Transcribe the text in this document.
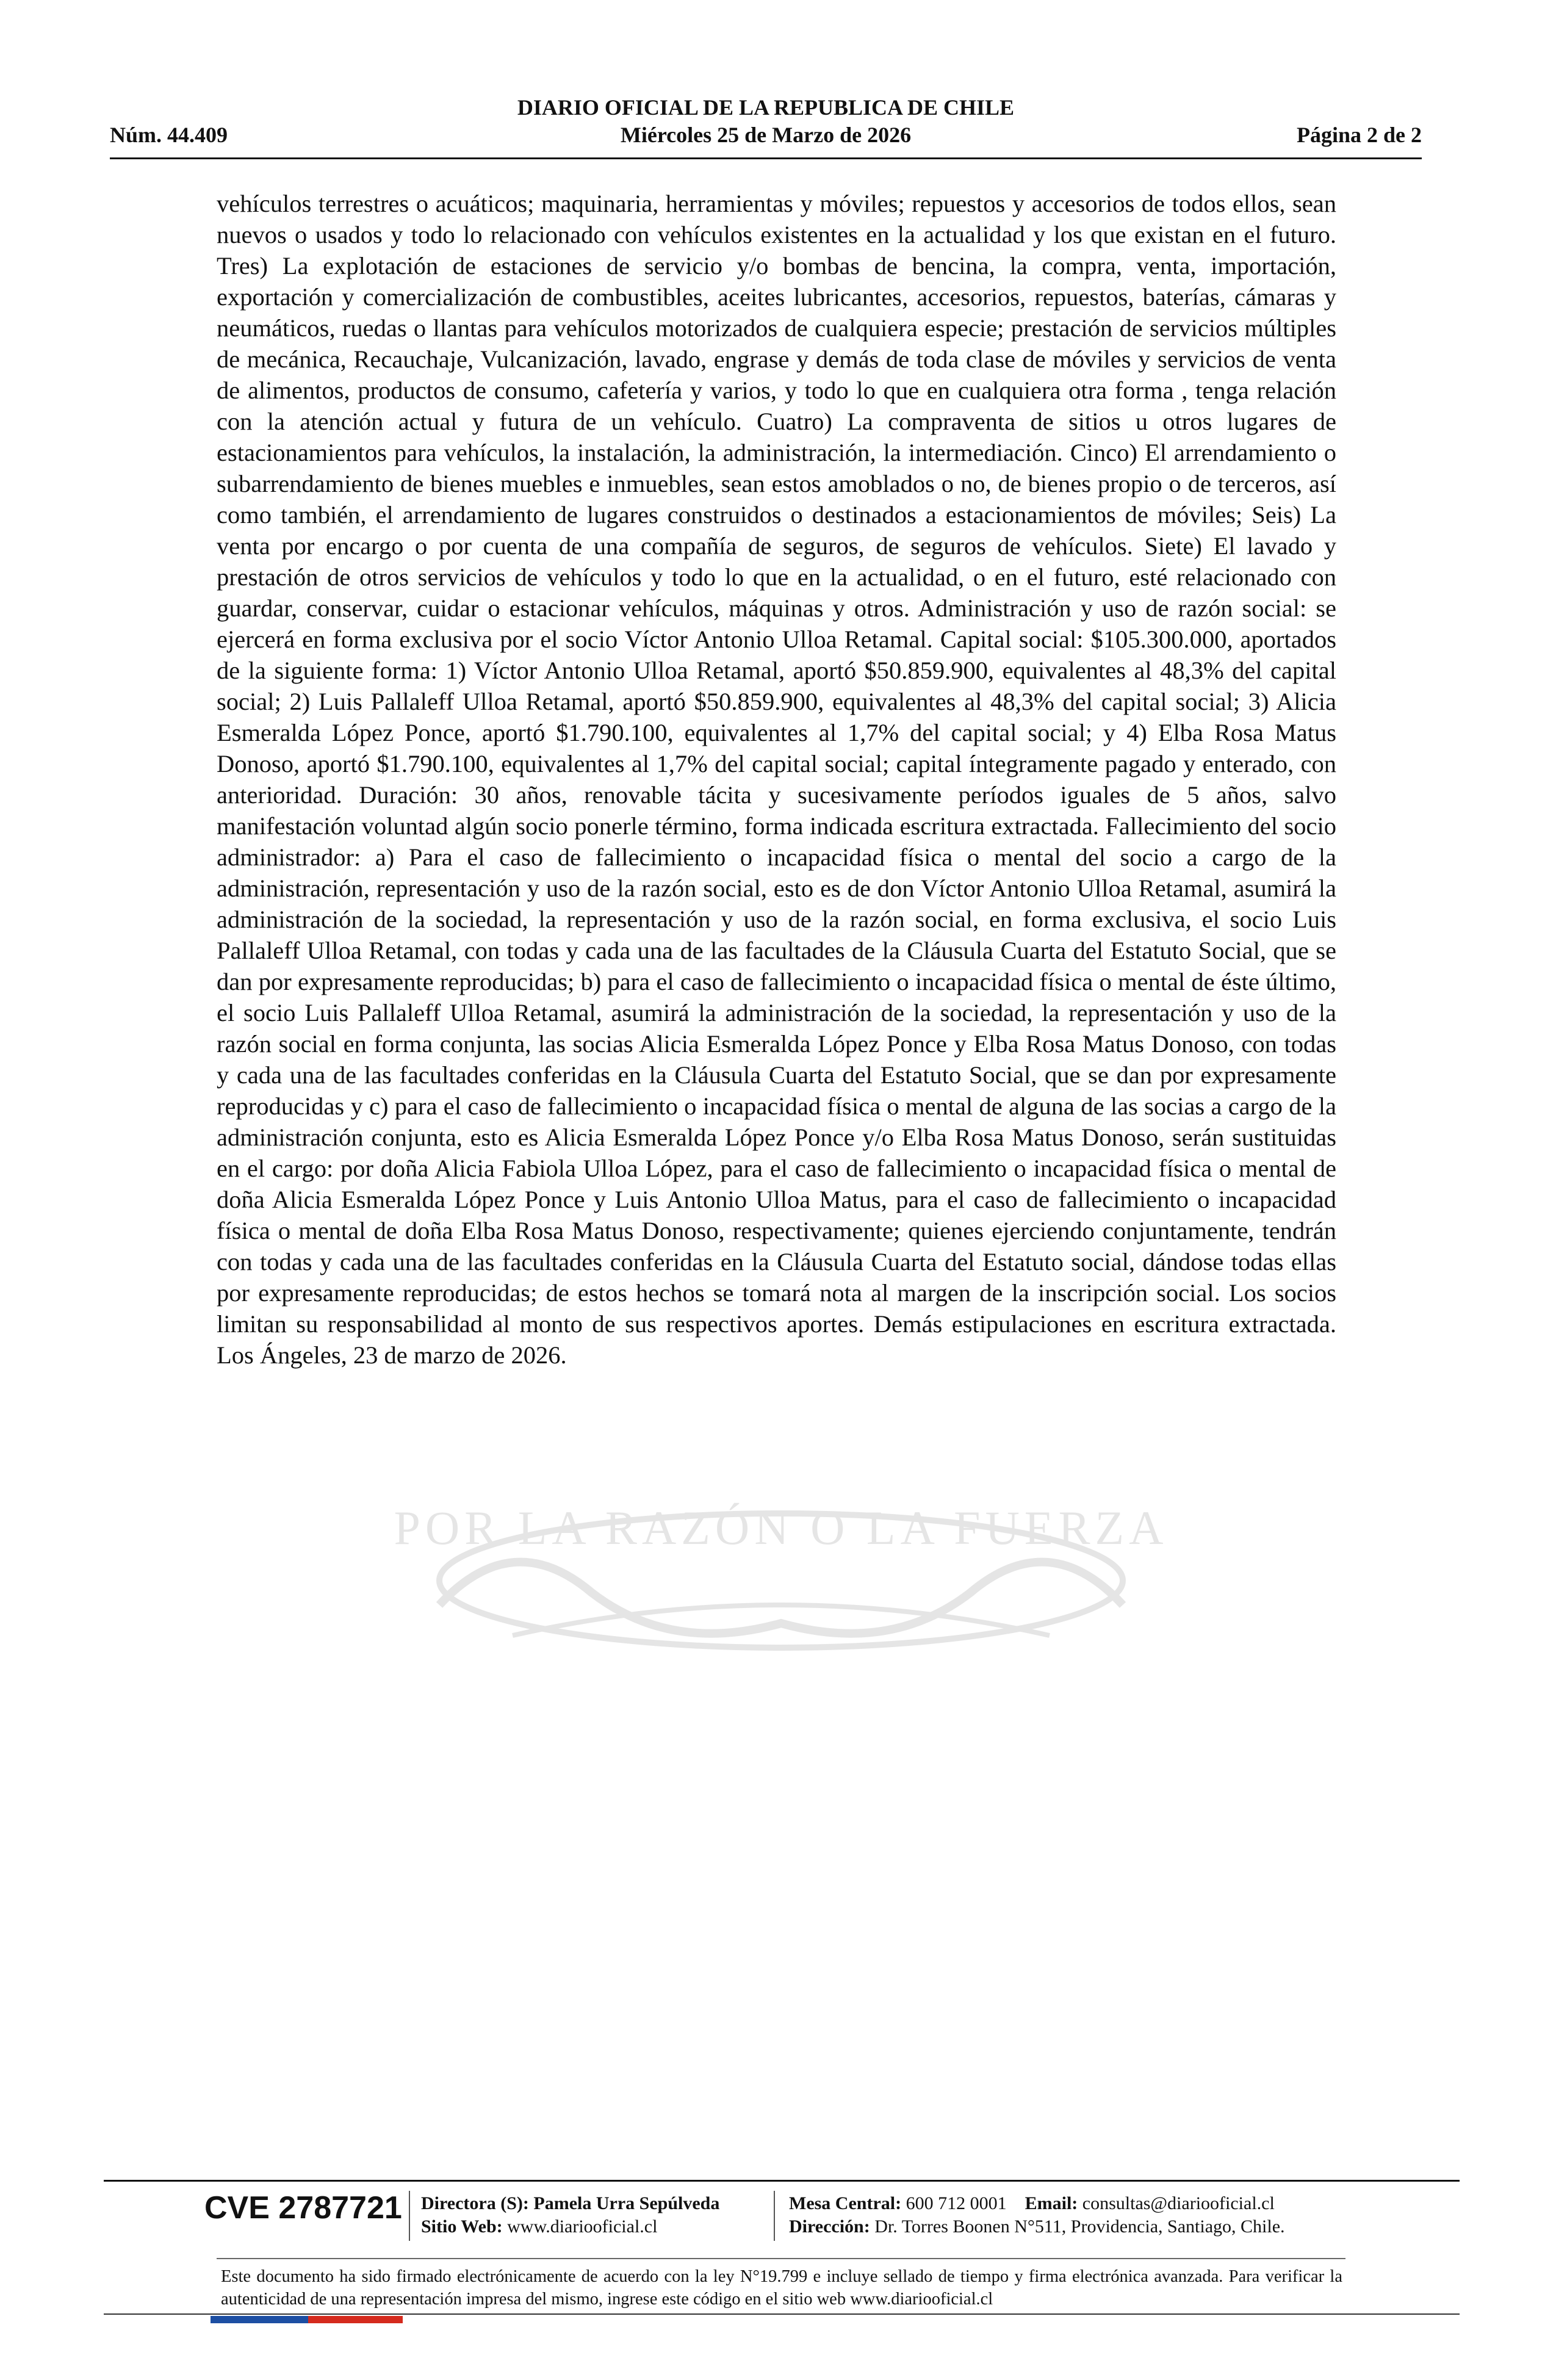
DIARIO OFICIAL DE LA REPUBLICA DE CHILE
Núm. 44.409	Miércoles 25 de Marzo de 2026	Página 2 de 2
POR LA RAZÓN O LA FUERZA
vehículos terrestres o acuáticos; maquinaria, herramientas y móviles; repuestos y accesorios de todos ellos, sean nuevos o usados y todo lo relacionado con vehículos existentes en la actualidad y los que existan en el futuro. Tres) La explotación de estaciones de servicio y/o bombas de bencina, la compra, venta, importación, exportación y comercialización de combustibles, aceites lubricantes, accesorios, repuestos, baterías, cámaras y neumáticos, ruedas o llantas para vehículos motorizados de cualquiera especie; prestación de servicios múltiples de mecánica, Recauchaje, Vulcanización, lavado, engrase y demás de toda clase de móviles y servicios de venta de alimentos, productos de consumo, cafetería y varios, y todo lo que en cualquiera otra forma , tenga relación con la atención actual y futura de un vehículo. Cuatro) La compraventa de sitios u otros lugares de estacionamientos para vehículos, la instalación, la administración, la intermediación. Cinco) El arrendamiento o subarrendamiento de bienes muebles e inmuebles, sean estos amoblados o no, de bienes propio o de terceros, así como también, el arrendamiento de lugares construidos o destinados a estacionamientos de móviles; Seis) La venta por encargo o por cuenta de una compañía de seguros, de seguros de vehículos. Siete) El lavado y prestación de otros servicios de vehículos y todo lo que en la actualidad, o en el futuro, esté relacionado con guardar, conservar, cuidar o estacionar vehículos, máquinas y otros. Administración y uso de razón social: se ejercerá en forma exclusiva por el socio Víctor Antonio Ulloa Retamal. Capital social: $105.300.000, aportados de la siguiente forma: 1) Víctor Antonio Ulloa Retamal, aportó $50.859.900, equivalentes al 48,3% del capital social; 2) Luis Pallaleff Ulloa Retamal, aportó $50.859.900, equivalentes al 48,3% del capital social; 3) Alicia Esmeralda López Ponce, aportó $1.790.100, equivalentes al 1,7% del capital social; y 4) Elba Rosa Matus Donoso, aportó $1.790.100, equivalentes al 1,7% del capital social; capital íntegramente pagado y enterado, con anterioridad. Duración: 30 años, renovable tácita y sucesivamente períodos iguales de 5 años, salvo manifestación voluntad algún socio ponerle término, forma indicada escritura extractada. Fallecimiento del socio administrador: a) Para el caso de fallecimiento o incapacidad física o mental del socio a cargo de la administración, representación y uso de la razón social, esto es de don Víctor Antonio Ulloa Retamal, asumirá la administración de la sociedad, la representación y uso de la razón social, en forma exclusiva, el socio Luis Pallaleff Ulloa Retamal, con todas y cada una de las facultades de la Cláusula Cuarta del Estatuto Social, que se dan por expresamente reproducidas; b) para el caso de fallecimiento o incapacidad física o mental de éste último, el socio Luis Pallaleff Ulloa Retamal, asumirá la administración de la sociedad, la representación y uso de la razón social en forma conjunta, las socias Alicia Esmeralda López Ponce y Elba Rosa Matus Donoso, con todas y cada una de las facultades conferidas en la Cláusula Cuarta del Estatuto Social, que se dan por expresamente reproducidas y c) para el caso de fallecimiento o incapacidad física o mental de alguna de las socias a cargo de la administración conjunta, esto es Alicia Esmeralda López Ponce y/o Elba Rosa Matus Donoso, serán sustituidas en el cargo: por doña Alicia Fabiola Ulloa López, para el caso de fallecimiento o incapacidad física o mental de doña Alicia Esmeralda López Ponce y Luis Antonio Ulloa Matus, para el caso de fallecimiento o incapacidad física o mental de doña Elba Rosa Matus Donoso, respectivamente; quienes ejerciendo conjuntamente, tendrán con todas y cada una de las facultades conferidas en la Cláusula Cuarta del Estatuto social, dándose todas ellas por expresamente reproducidas; de estos hechos se tomará nota al margen de la inscripción social. Los socios limitan su responsabilidad al monto de sus respectivos aportes. Demás estipulaciones en escritura extractada. Los Ángeles, 23 de marzo de 2026.
CVE 2787721 Directora (S): Pamela Urra Sepúlveda
Sitio Web: www.diariooficial.cl
Mesa Central: 600 712 0001 Email: consultas@diariooficial.cl
Dirección: Dr. Torres Boonen N°511, Providencia, Santiago, Chile.
Este documento ha sido firmado electrónicamente de acuerdo con la ley N°19.799 e incluye sellado de tiempo y firma electrónica avanzada. Para verificar la autenticidad de una representación impresa del mismo, ingrese este código en el sitio web www.diariooficial.cl
